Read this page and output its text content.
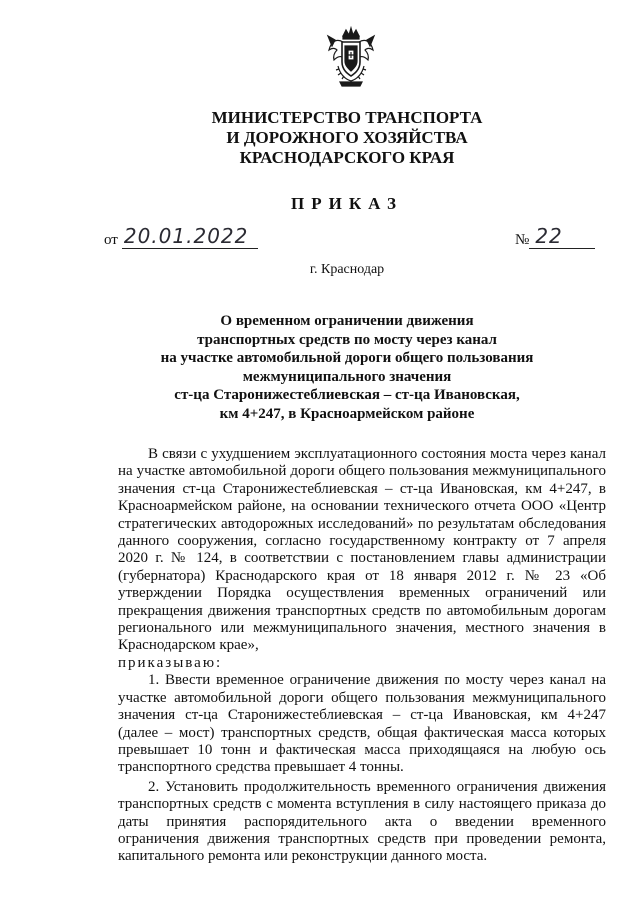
МИНИСТЕРСТВО ТРАНСПОРТА
И ДОРОЖНОГО ХОЗЯЙСТВА
КРАСНОДАРСКОГО КРАЯ
ПРИКАЗ
от 20.01.2022	№ 22
г. Краснодар
О временном ограничении движения
транспортных средств по мосту через канал
на участке автомобильной дороги общего пользования
межмуниципального значения
ст-ца Старонижестеблиевская – ст-ца Ивановская,
км 4+247, в Красноармейском районе

В связи с ухудшением эксплуатационного состояния моста через канал на участке автомобильной дороги общего пользования межмуниципального значения ст-ца Старонижестеблиевская – ст-ца Ивановская, км 4+247, в Красноармейском районе, на основании технического отчета ООО «Центр стратегических автодорожных исследований» по результатам обследования данного сооружения, согласно государственному контракту от 7 апреля 2020 г. № 124, в соответствии с постановлением главы администрации (губернатора) Краснодарского края от 18 января 2012 г. № 23 «Об утверждении Порядка осуществления временных ограничений или прекращения движения транспортных средств по автомобильным дорогам регионального или межмуниципального значения, местного значения в Краснодарском крае»,

приказываю:

1. Ввести временное ограничение движения по мосту через канал на участке автомобильной дороги общего пользования межмуниципального значения ст-ца Старонижестеблиевская – ст-ца Ивановская, км 4+247 (далее – мост) транспортных средств, общая фактическая масса которых превышает 10 тонн и фактическая масса приходящаяся на любую ось транспортного средства превышает 4 тонны.

2. Установить продолжительность временного ограничения движения транспортных средств с момента вступления в силу настоящего приказа до даты принятия распорядительного акта о введении временного ограничения движения транспортных средств при проведении ремонта, капитального ремонта или реконструкции данного моста.
